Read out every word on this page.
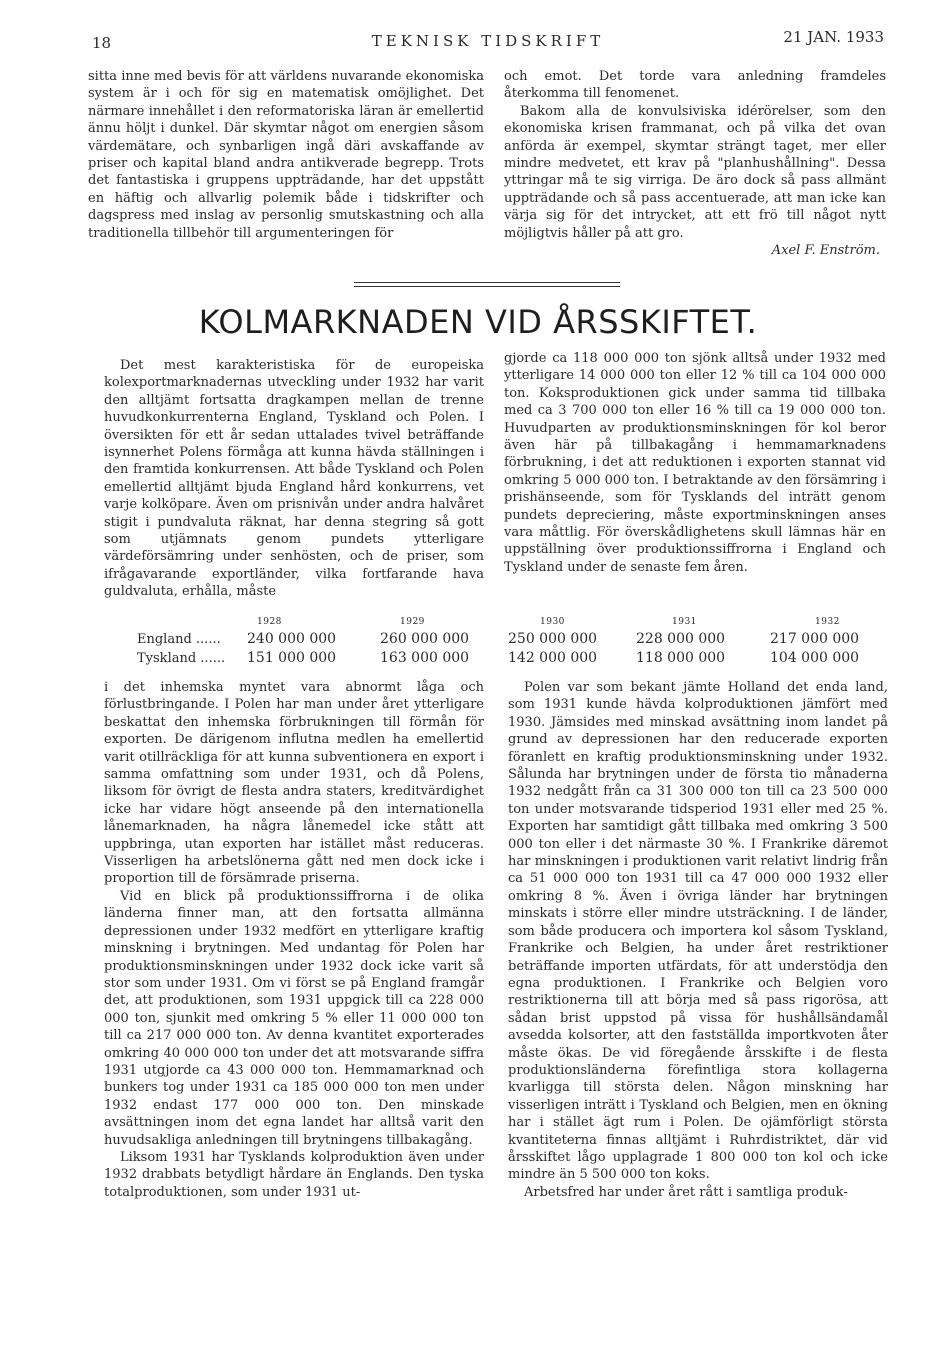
18	TEKNISK TIDSKRIFT	21 JAN. 1933

sitta inne med bevis för att världens nuvarande ekonomiska system är i och för sig en matematisk omöjlighet. Det närmare innehållet i den reformatoriska läran är emellertid ännu höljt i dunkel. Där skymtar något om energien såsom värdemätare, och synbarligen ingå däri avskaffande av priser och kapital bland andra antikverade begrepp. Trots det fantastiska i gruppens uppträdande, har det uppstått en häftig och allvarlig polemik både i tidskrifter och dagspress med inslag av personlig smutskastning och alla traditionella tillbehör till argumenteringen för

och emot. Det torde vara anledning framdeles återkomma till fenomenet.

Bakom alla de konvulsiviska idérörelser, som den ekonomiska krisen frammanat, och på vilka det ovan anförda är exempel, skymtar strängt taget, mer eller mindre medvetet, ett krav på "planhushållning". Dessa yttringar må te sig virriga. De äro dock så pass allmänt uppträdande och så pass accentuerade, att man icke kan värja sig för det intrycket, att ett frö till något nytt möjligtvis håller på att gro.

Axel F. Enström.

KOLMARKNADEN VID ÅRSSKIFTET.

Det mest karakteristiska för de europeiska kolexportmarknadernas utveckling under 1932 har varit den alltjämt fortsatta dragkampen mellan de trenne huvudkonkurrenterna England, Tyskland och Polen. I översikten för ett år sedan uttalades tvivel beträffande isynnerhet Polens förmåga att kunna hävda ställningen i den framtida konkurrensen. Att både Tyskland och Polen emellertid alltjämt bjuda England hård konkurrens, vet varje kolköpare. Även om prisnivån under andra halvåret stigit i pundvaluta räknat, har denna stegring så gott som utjämnats genom pundets ytterligare värdeförsämring under senhösten, och de priser, som ifrågavarande exportländer, vilka fortfarande hava guldvaluta, erhålla, måste

gjorde ca 118 000 000 ton sjönk alltså under 1932 med ytterligare 14 000 000 ton eller 12 % till ca 104 000 000 ton. Koksproduktionen gick under samma tid tillbaka med ca 3 700 000 ton eller 16 % till ca 19 000 000 ton. Huvudparten av produktionsminskningen för kol beror även här på tillbakagång i hemmamarknadens förbrukning, i det att reduktionen i exporten stannat vid omkring 5 000 000 ton. I betraktande av den försämring i prishänseende, som för Tysklands del inträtt genom pundets depreciering, måste exportminskningen anses vara måttlig. För överskådlighetens skull lämnas här en uppställning över produktionssiffrorna i England och Tyskland under de senaste fem åren.

1928	1929	1930	1931	1932
England ...... 240 000 000	260 000 000	250 000 000	228 000 000	217 000 000
Tyskland ...... 151 000 000	163 000 000	142 000 000	118 000 000	104 000 000

i det inhemska myntet vara abnormt låga och förlustbringande. I Polen har man under året ytterligare beskattat den inhemska förbrukningen till förmån för exporten. De därigenom influtna medlen ha emellertid varit otillräckliga för att kunna subventionera en export i samma omfattning som under 1931, och då Polens, liksom för övrigt de flesta andra staters, kreditvärdighet icke har vidare högt anseende på den internationella lånemarknaden, ha några lånemedel icke stått att uppbringa, utan exporten har istället måst reduceras. Visserligen ha arbetslönerna gått ned men dock icke i proportion till de försämrade priserna.

Vid en blick på produktionssiffrorna i de olika länderna finner man, att den fortsatta allmänna depressionen under 1932 medfört en ytterligare kraftig minskning i brytningen. Med undantag för Polen har produktionsminskningen under 1932 dock icke varit så stor som under 1931. Om vi först se på England framgår det, att produktionen, som 1931 uppgick till ca 228 000 000 ton, sjunkit med omkring 5 % eller 11 000 000 ton till ca 217 000 000 ton. Av denna kvantitet exporterades omkring 40 000 000 ton under det att motsvarande siffra 1931 utgjorde ca 43 000 000 ton. Hemmamarknad och bunkers tog under 1931 ca 185 000 000 ton men under 1932 endast 177 000 000 ton. Den minskade avsättningen inom det egna landet har alltså varit den huvudsakliga anledningen till brytningens tillbakagång.

Liksom 1931 har Tysklands kolproduktion även under 1932 drabbats betydligt hårdare än Englands. Den tyska totalproduktionen, som under 1931 ut-

Polen var som bekant jämte Holland det enda land, som 1931 kunde hävda kolproduktionen jämfört med 1930. Jämsides med minskad avsättning inom landet på grund av depressionen har den reducerade exporten föranlett en kraftig produktionsminskning under 1932. Sålunda har brytningen under de första tio månaderna 1932 nedgått från ca 31 300 000 ton till ca 23 500 000 ton under motsvarande tidsperiod 1931 eller med 25 %. Exporten har samtidigt gått tillbaka med omkring 3 500 000 ton eller i det närmaste 30 %. I Frankrike däremot har minskningen i produktionen varit relativt lindrig från ca 51 000 000 ton 1931 till ca 47 000 000 1932 eller omkring 8 %. Även i övriga länder har brytningen minskats i större eller mindre utsträckning. I de länder, som både producera och importera kol såsom Tyskland, Frankrike och Belgien, ha under året restriktioner beträffande importen utfärdats, för att understödja den egna produktionen. I Frankrike och Belgien voro restriktionerna till att börja med så pass rigorösa, att sådan brist uppstod på vissa för hushållsändamål avsedda kolsorter, att den fastställda importkvoten åter måste ökas. De vid föregående årsskifte i de flesta produktionsländerna förefintliga stora kollagerna kvarligga till största delen. Någon minskning har visserligen inträtt i Tyskland och Belgien, men en ökning har i stället ägt rum i Polen. De ojämförligt största kvantiteterna finnas alltjämt i Ruhrdistriktet, där vid årsskiftet lågo upplagrade 1 800 000 ton kol och icke mindre än 5 500 000 ton koks.

Arbetsfred har under året rått i samtliga produk-
